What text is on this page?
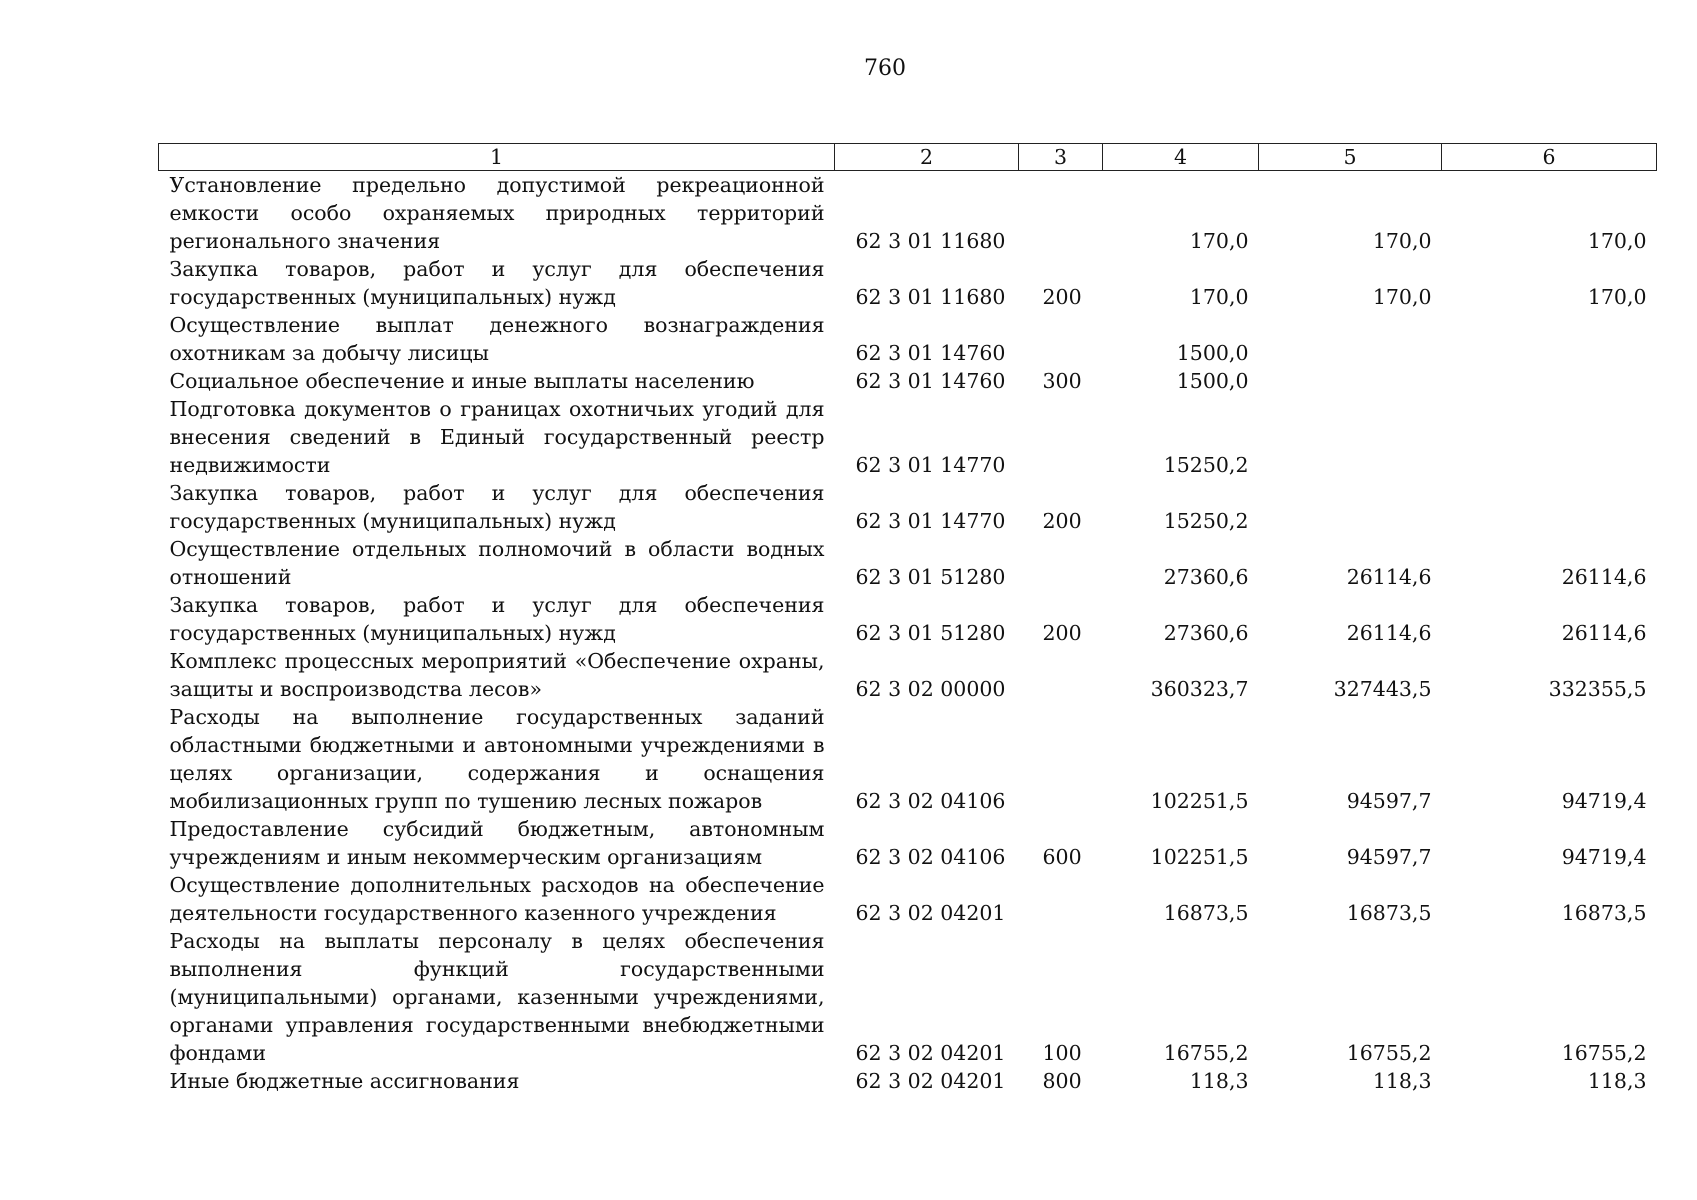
760
1	2	3	4	5	6
Установление предельно допустимой рекреационной емкости особо охраняемых природных территорий регионального значения	62 3 01 11680		170,0	170,0	170,0
Закупка товаров, работ и услуг для обеспечения государственных (муниципальных) нужд	62 3 01 11680	200	170,0	170,0	170,0
Осуществление выплат денежного вознаграждения охотникам за добычу лисицы	62 3 01 14760		1500,0		
Социальное обеспечение и иные выплаты населению	62 3 01 14760	300	1500,0		
Подготовка документов о границах охотничьих угодий для внесения сведений в Единый государственный реестр недвижимости	62 3 01 14770		15250,2		
Закупка товаров, работ и услуг для обеспечения государственных (муниципальных) нужд	62 3 01 14770	200	15250,2		
Осуществление отдельных полномочий в области водных отношений	62 3 01 51280		27360,6	26114,6	26114,6
Закупка товаров, работ и услуг для обеспечения государственных (муниципальных) нужд	62 3 01 51280	200	27360,6	26114,6	26114,6
Комплекс процессных мероприятий «Обеспечение охраны, защиты и воспроизводства лесов»	62 3 02 00000		360323,7	327443,5	332355,5
Расходы на выполнение государственных заданий областными бюджетными и автономными учреждениями в целях организации, содержания и оснащения мобилизационных групп по тушению лесных пожаров	62 3 02 04106		102251,5	94597,7	94719,4
Предоставление субсидий бюджетным, автономным учреждениям и иным некоммерческим организациям	62 3 02 04106	600	102251,5	94597,7	94719,4
Осуществление дополнительных расходов на обеспечение деятельности государственного казенного учреждения	62 3 02 04201		16873,5	16873,5	16873,5
Расходы на выплаты персоналу в целях обеспечения выполнения функций государственными (муниципальными) органами, казенными учреждениями, органами управления государственными внебюджетными фондами	62 3 02 04201	100	16755,2	16755,2	16755,2
Иные бюджетные ассигнования	62 3 02 04201	800	118,3	118,3	118,3
